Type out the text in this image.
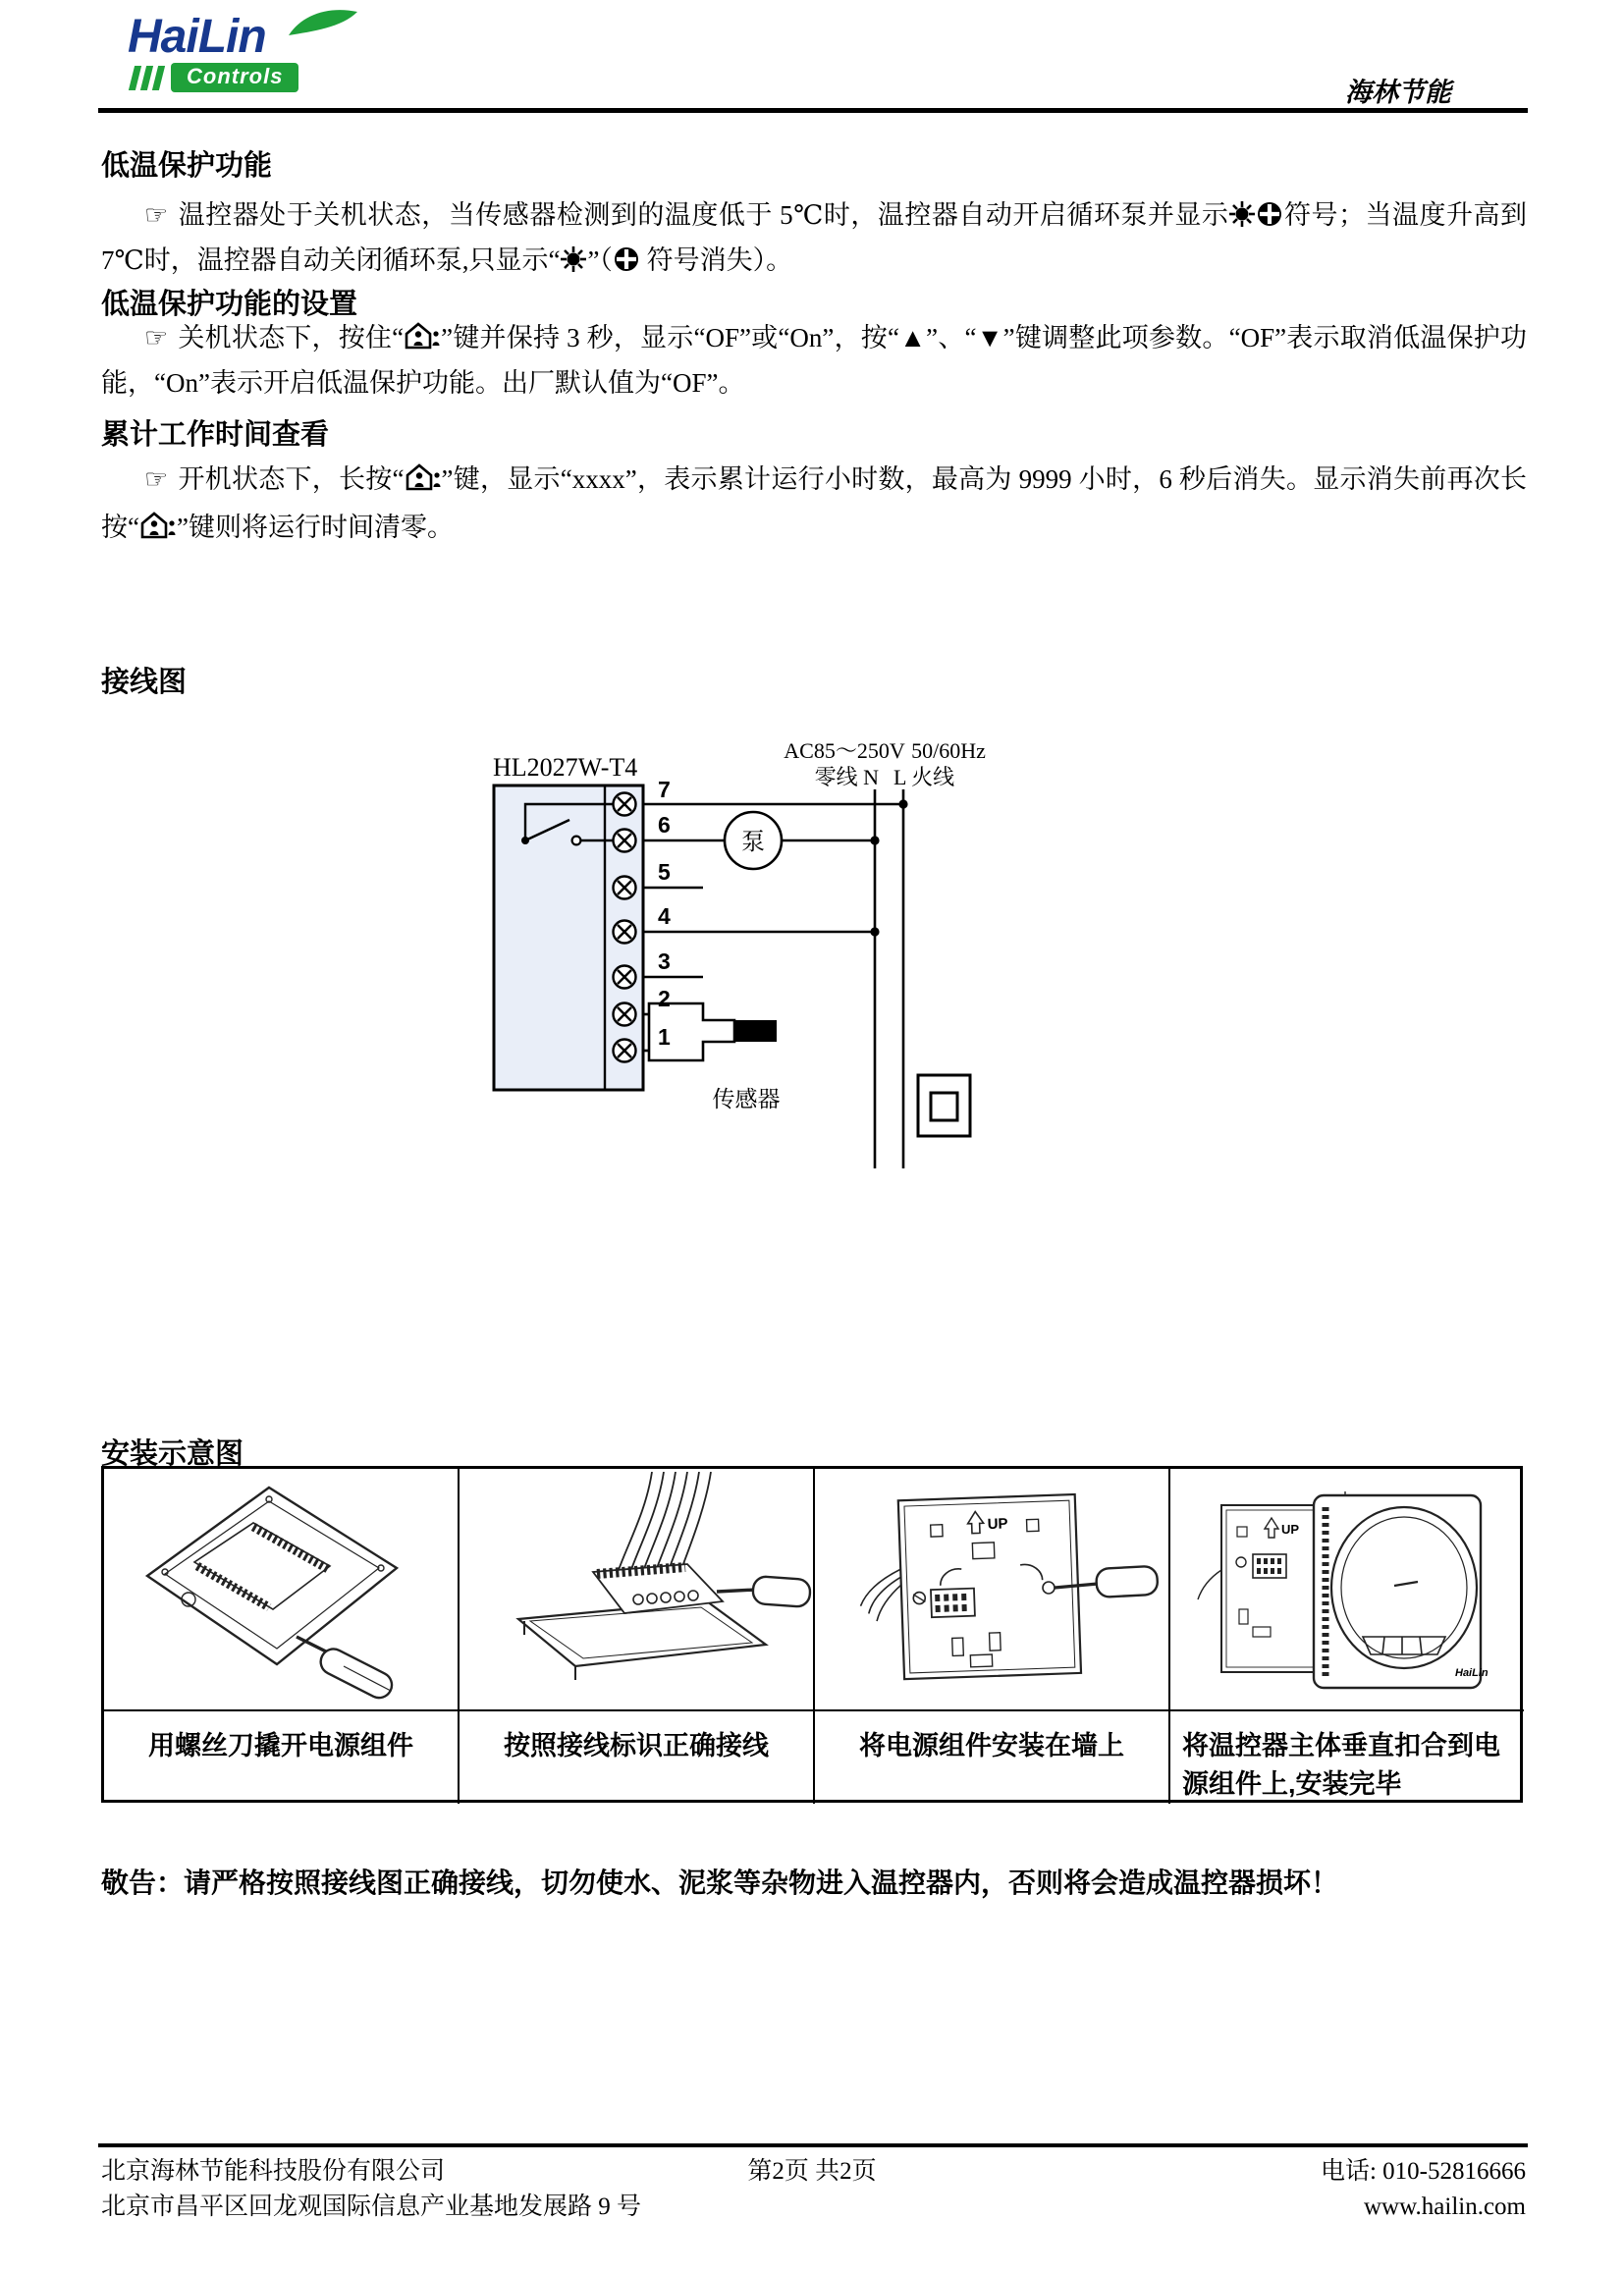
HaiLin
Controls
海林节能
低温保护功能
☞ 温控器处于关机状态，当传感器检测到的温度低于 5℃时，温控器自动开启循环泵并显示 符号；当温度升高到 7℃时，温控器自动关闭循环泵,只显示“ ”（ 符号消失）。
低温保护功能的设置
☞ 关机状态下，按住“ ”键并保持 3 秒，显示“OF”或“On”，按“▲”、“▼”键调整此项参数。“OF”表示取消低温保护功能，“On”表示开启低温保护功能。出厂默认值为“OF”。
累计工作时间查看
☞ 开机状态下，长按“ ”键，显示“xxxx”，表示累计运行小时数，最高为 9999 小时，6 秒后消失。显示消失前再次长按“ ”键则将运行时间清零。
接线图
HL2027W-T4
AC85～250V 50/60Hz
零线 N L 火线
泵
传感器
7
6
5
4
3
2
1
安装示意图
UP	UP
HaiLin
用螺丝刀撬开电源组件	按照接线标识正确接线	将电源组件安装在墙上	将温控器主体垂直扣合到电源组件上,安装完毕
敬告：请严格按照接线图正确接线，切勿使水、泥浆等杂物进入温控器内，否则将会造成温控器损坏！
北京海林节能科技股份有限公司
北京市昌平区回龙观国际信息产业基地发展路 9 号
第2页 共2页	电话: 010-52816666
www.hailin.com
